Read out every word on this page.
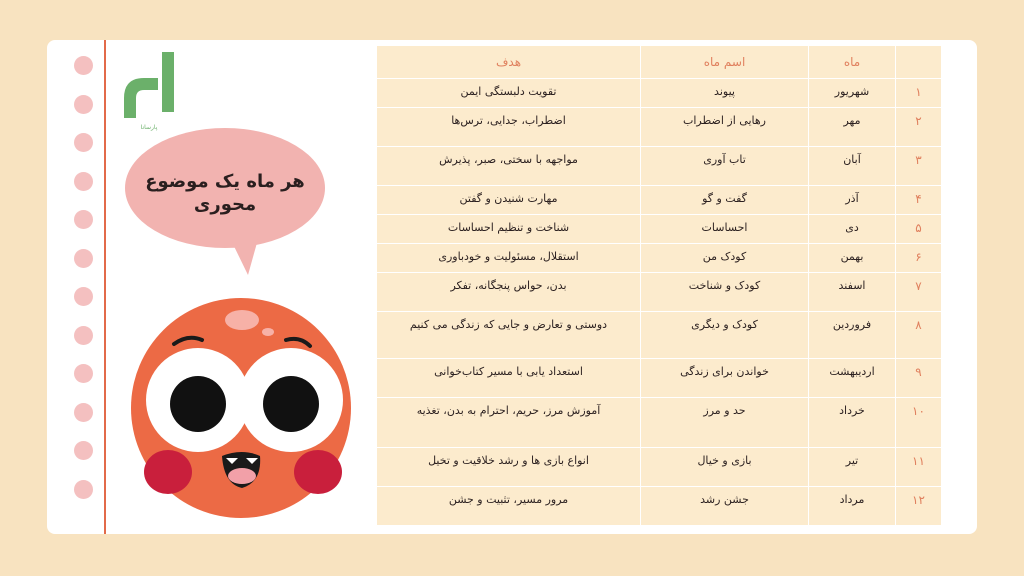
پارسانا
هر ماه یک موضوع
محوری
	ماه	اسم ماه	هدف
۱	شهریور	پیوند	تقویت دلبستگی ایمن
۲	مهر	رهایی از اضطراب	اضطراب، جدایی، ترس‌ها
۳	آبان	تاب آوری	مواجهه با سختی، صبر، پذیرش
۴	آذر	گفت و گو	مهارت شنیدن و گفتن
۵	دی	احساسات	شناخت و تنظیم احساسات
۶	بهمن	کودک من	استقلال، مسئولیت و خودباوری
۷	اسفند	کودک و شناخت	بدن، حواس پنجگانه، تفکر
۸	فروردین	کودک و دیگری	دوستی و تعارض و جایی که زندگی می کنیم
۹	اردیبهشت	خواندن برای زندگی	استعداد یابی با مسیر کتاب‌خوانی
۱۰	خرداد	حد و مرز	آموزش مرز، حریم، احترام به بدن، تغذیه
۱۱	تیر	بازی و خیال	انواع بازی ها و رشد خلاقیت و تخیل
۱۲	مرداد	جشن رشد	مرور مسیر، تثبیت و جشن
